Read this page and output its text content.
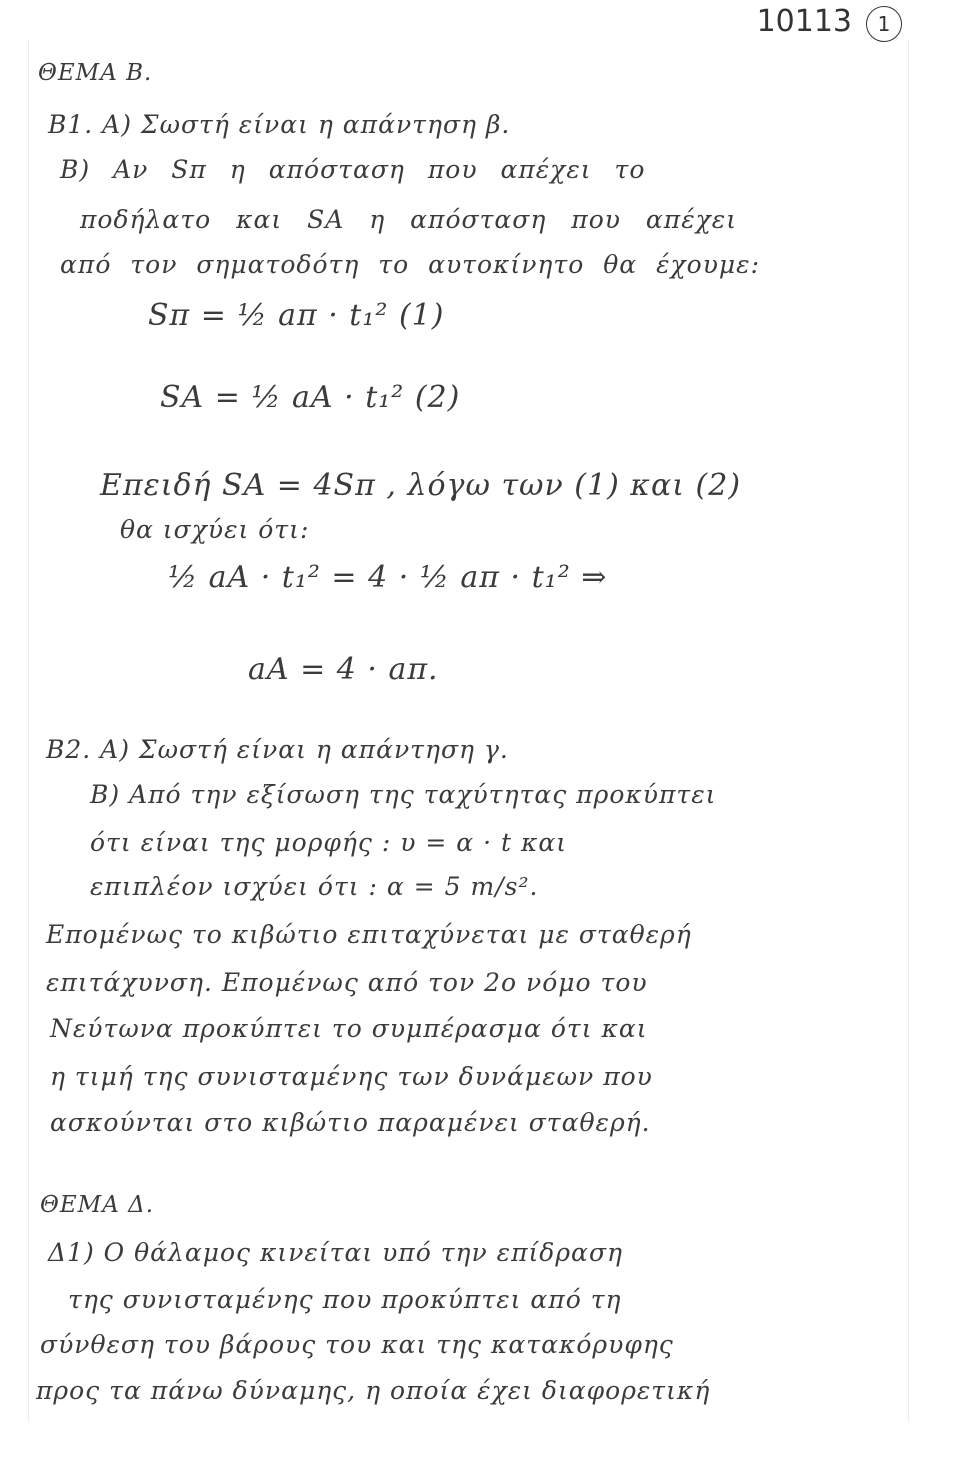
10113	1
ΘΕΜΑ Β.
Β1. Α) Σωστή είναι η απάντηση β.
Β) Αν Sπ η απόσταση που απέχει το
ποδήλατο και SΑ η απόσταση που απέχει
από τον σηματοδότη το αυτοκίνητο θα έχουμε:
Sπ = ½ aπ · t₁² (1)
SΑ = ½ aΑ · t₁² (2)
Επειδή SΑ = 4Sπ , λόγω των (1) και (2)
θα ισχύει ότι:
½ aΑ · t₁² = 4 · ½ aπ · t₁² ⇒
aΑ = 4 · aπ.
Β2. Α) Σωστή είναι η απάντηση γ.
Β) Από την εξίσωση της ταχύτητας προκύπτει
ότι είναι της μορφής : υ = α · t και
επιπλέον ισχύει ότι : α = 5 m/s².
Επομένως το κιβώτιο επιταχύνεται με σταθερή
επιτάχυνση. Επομένως από τον 2ο νόμο του
Νεύτωνα προκύπτει το συμπέρασμα ότι και
η τιμή της συνισταμένης των δυνάμεων που
ασκούνται στο κιβώτιο παραμένει σταθερή.
ΘΕΜΑ Δ.
Δ1) Ο θάλαμος κινείται υπό την επίδραση
της συνισταμένης που προκύπτει από τη
σύνθεση του βάρους του και της κατακόρυφης
προς τα πάνω δύναμης, η οποία έχει διαφορετική
